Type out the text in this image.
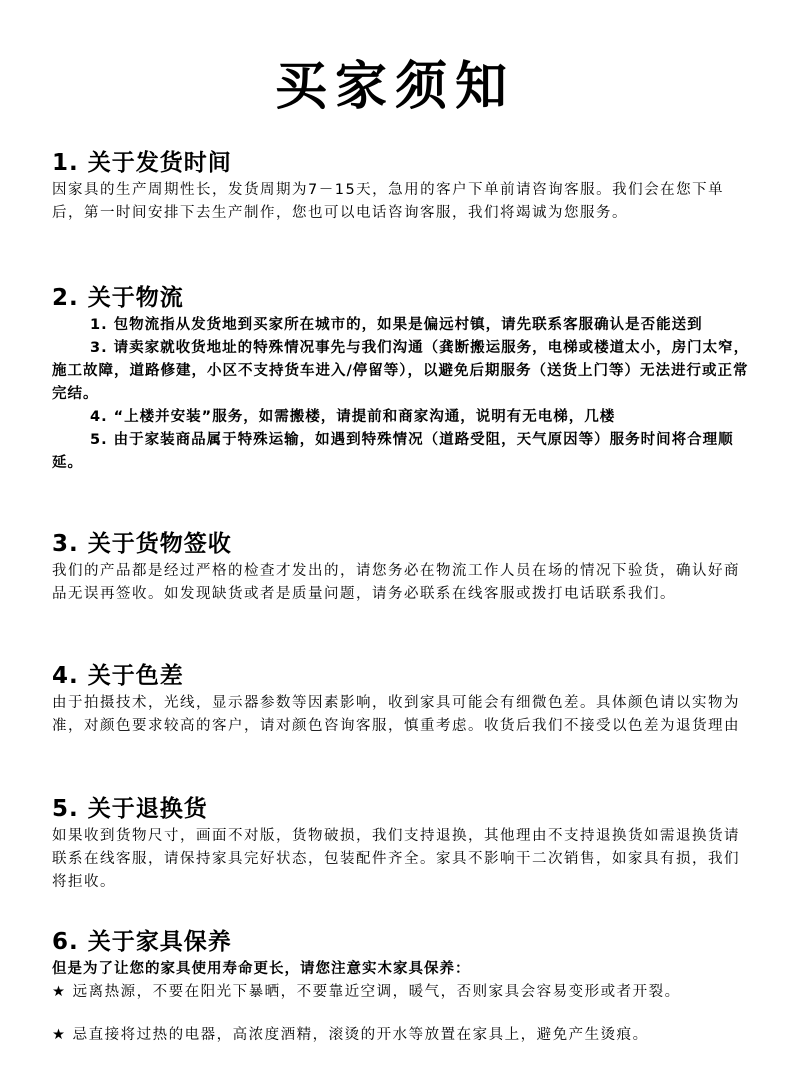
买家须知
1. 关于发货时间

因家具的生产周期性长，发货周期为7－15天，急用的客户下单前请咨询客服。我们会在您下单后，第一时间安排下去生产制作，您也可以电话咨询客服，我们将竭诚为您服务。

2. 关于物流

1. 包物流指从发货地到买家所在城市的，如果是偏远村镇，请先联系客服确认是否能送到

3. 请卖家就收货地址的特殊情况事先与我们沟通（龚断搬运服务，电梯或楼道太小，房门太窄，施工故障，道路修建，小区不支持货车进入/停留等），以避免后期服务（送货上门等）无法进行或正常完结。

4. “上楼并安装”服务，如需搬楼，请提前和商家沟通，说明有无电梯，几楼

5. 由于家装商品属于特殊运输，如遇到特殊情况（道路受阻，天气原因等）服务时间将合理顺延。

3. 关于货物签收

我们的产品都是经过严格的检查才发出的，请您务必在物流工作人员在场的情况下验货，确认好商品无误再签收。如发现缺货或者是质量问题，请务必联系在线客服或拨打电话联系我们。

4. 关于色差

由于拍摄技术，光线，显示器参数等因素影响，收到家具可能会有细微色差。具体颜色请以实物为准，对颜色要求较高的客户，请对颜色咨询客服，慎重考虑。收货后我们不接受以色差为退货理由

5. 关于退换货

如果收到货物尺寸，画面不对版，货物破损，我们支持退换，其他理由不支持退换货如需退换货请联系在线客服，请保持家具完好状态，包装配件齐全。家具不影响干二次销售，如家具有损，我们将拒收。

6. 关于家具保养

但是为了让您的家具使用寿命更长，请您注意实木家具保养：

★ 远离热源，不要在阳光下暴晒，不要靠近空调，暖气，否则家具会容易变形或者开裂。

★ 忌直接将过热的电器，高浓度酒精，滚烫的开水等放置在家具上，避免产生烫痕。
